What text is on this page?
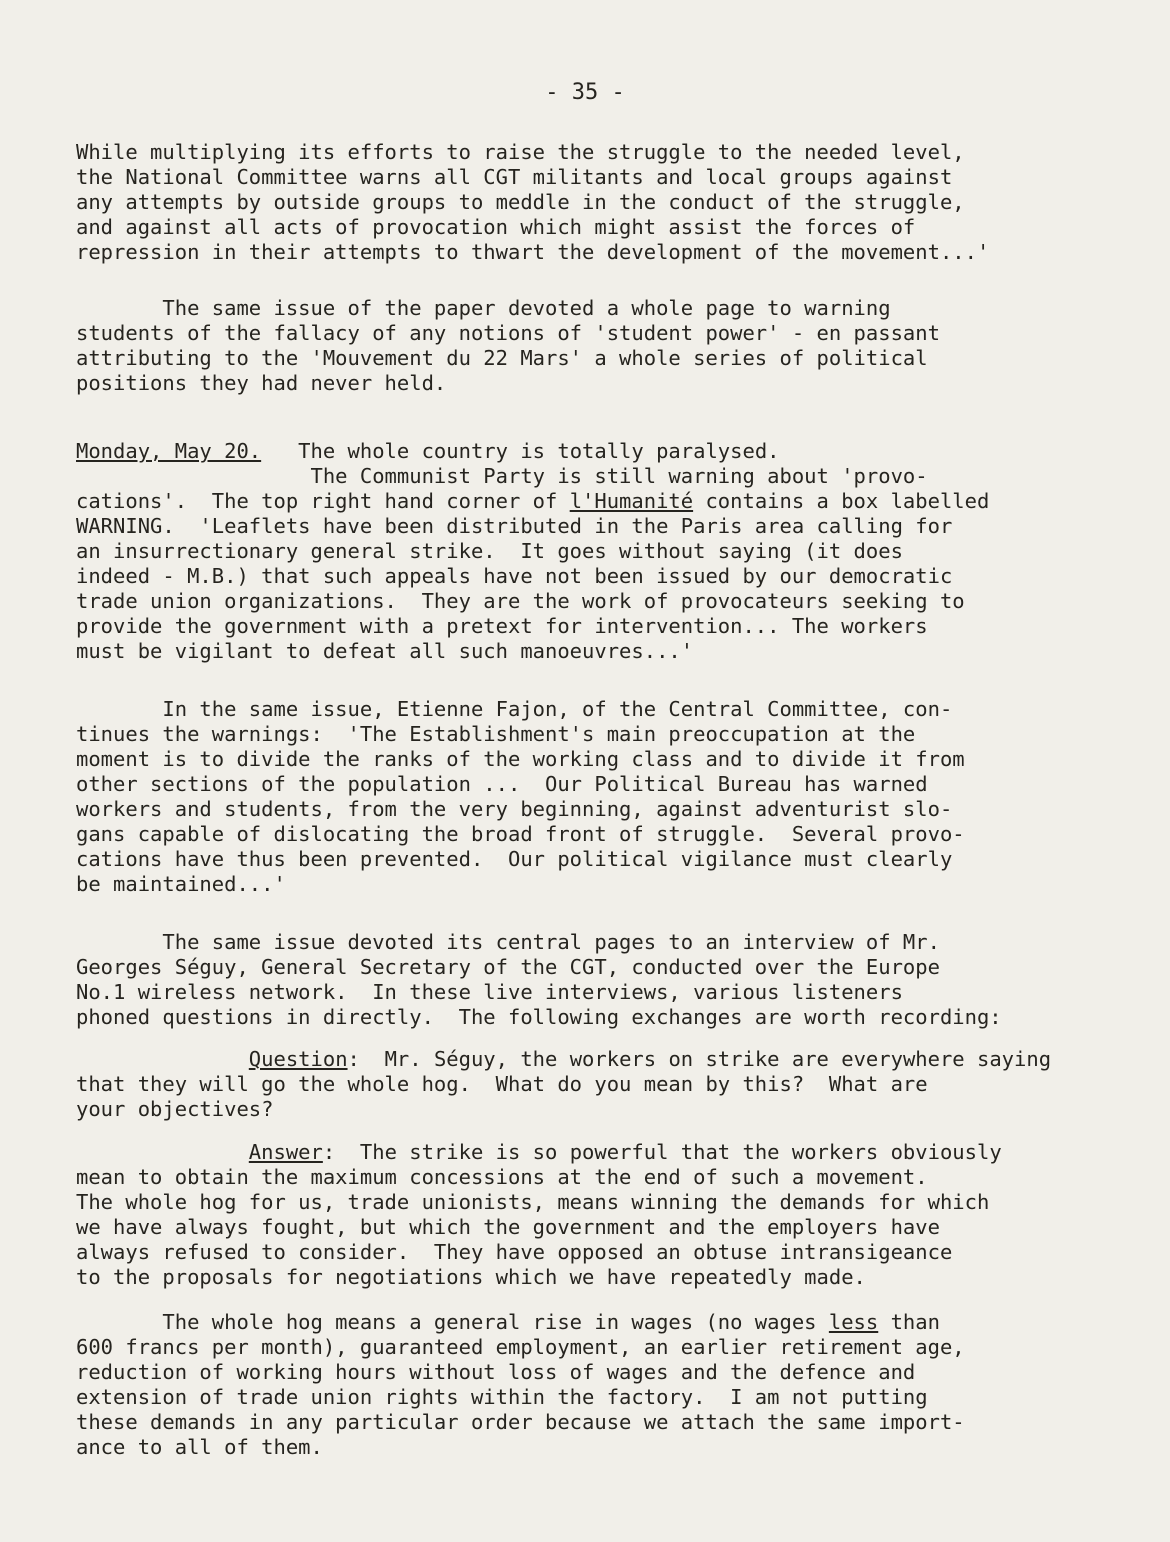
- 35 -
While multiplying its efforts to raise the struggle to the needed level,
the National Committee warns all CGT militants and local groups against
any attempts by outside groups to meddle in the conduct of the struggle,
and against all acts of provocation which might assist the forces of
repression in their attempts to thwart the development of the movement...'
The same issue of the paper devoted a whole page to warning
students of the fallacy of any notions of 'student power' - en passant
attributing to the 'Mouvement du 22 Mars' a whole series of political
positions they had never held.
Monday, May 20.   The whole country is totally paralysed.
The Communist Party is still warning about 'provo-
cations'.  The top right hand corner of l'Humanité contains a box labelled
WARNING.  'Leaflets have been distributed in the Paris area calling for
an insurrectionary general strike.  It goes without saying (it does
indeed - M.B.) that such appeals have not been issued by our democratic
trade union organizations.  They are the work of provocateurs seeking to
provide the government with a pretext for intervention... The workers
must be vigilant to defeat all such manoeuvres...'
In the same issue, Etienne Fajon, of the Central Committee, con-
tinues the warnings:  'The Establishment's main preoccupation at the
moment is to divide the ranks of the working class and to divide it from
other sections of the population ...  Our Political Bureau has warned
workers and students, from the very beginning, against adventurist slo-
gans capable of dislocating the broad front of struggle.  Several provo-
cations have thus been prevented.  Our political vigilance must clearly
be maintained...'
The same issue devoted its central pages to an interview of Mr.
Georges Séguy, General Secretary of the CGT, conducted over the Europe
No.1 wireless network.  In these live interviews, various listeners
phoned questions in directly.  The following exchanges are worth recording:
Question:  Mr. Séguy, the workers on strike are everywhere saying
that they will go the whole hog.  What do you mean by this?  What are
your objectives?
Answer:  The strike is so powerful that the workers obviously
mean to obtain the maximum concessions at the end of such a movement.
The whole hog for us, trade unionists, means winning the demands for which
we have always fought, but which the government and the employers have
always refused to consider.  They have opposed an obtuse intransigeance
to the proposals for negotiations which we have repeatedly made.
The whole hog means a general rise in wages (no wages less than
600 francs per month), guaranteed employment, an earlier retirement age,
reduction of working hours without loss of wages and the defence and
extension of trade union rights within the factory.  I am not putting
these demands in any particular order because we attach the same import-
ance to all of them.
